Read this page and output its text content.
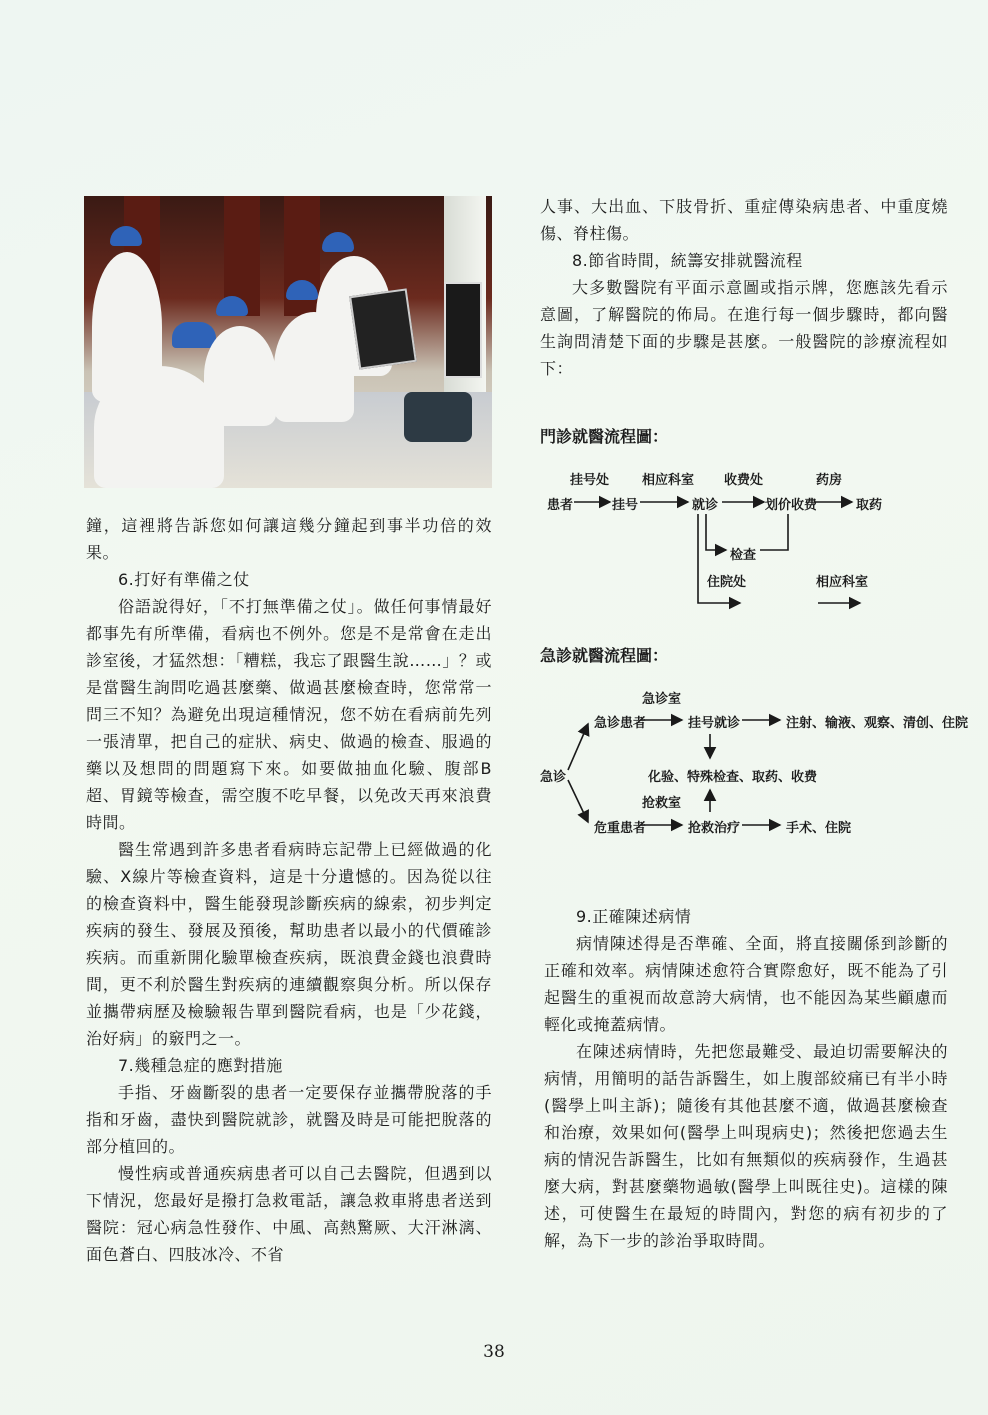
鐘，這裡將告訴您如何讓這幾分鐘起到事半功倍的效果。

6.打好有準備之仗

俗語說得好，「不打無準備之仗」。做任何事情最好都事先有所準備，看病也不例外。您是不是常會在走出診室後，才猛然想：「糟糕，我忘了跟醫生說……」？或是當醫生詢問吃過甚麼藥、做過甚麼檢查時，您常常一問三不知？為避免出現這種情況，您不妨在看病前先列一張清單，把自己的症狀、病史、做過的檢查、服過的藥以及想問的問題寫下來。如要做抽血化驗、腹部B超、胃鏡等檢查，需空腹不吃早餐，以免改天再來浪費時間。

醫生常遇到許多患者看病時忘記帶上已經做過的化驗、X線片等檢查資料，這是十分遺憾的。因為從以往的檢查資料中，醫生能發現診斷疾病的線索，初步判定疾病的發生、發展及預後，幫助患者以最小的代價確診疾病。而重新開化驗單檢查疾病，既浪費金錢也浪費時間，更不利於醫生對疾病的連續觀察與分析。所以保存並攜帶病歷及檢驗報告單到醫院看病，也是「少花錢，治好病」的竅門之一。

7.幾種急症的應對措施

手指、牙齒斷裂的患者一定要保存並攜帶脫落的手指和牙齒，盡快到醫院就診，就醫及時是可能把脫落的部分植回的。

慢性病或普通疾病患者可以自己去醫院，但遇到以下情況，您最好是撥打急救電話，讓急救車將患者送到醫院：冠心病急性發作、中風、高熱驚厥、大汗淋漓、面色蒼白、四肢冰冷、不省

人事、大出血、下肢骨折、重症傳染病患者、中重度燒傷、脊柱傷。

8.節省時間，統籌安排就醫流程

大多數醫院有平面示意圖或指示牌，您應該先看示意圖，了解醫院的佈局。在進行每一個步驟時，都向醫生詢問清楚下面的步驟是甚麼。一般醫院的診療流程如下：

門診就醫流程圖：
挂号处	相应科室 收费处	药房
患者	挂号	就诊	划价收费	取药
检查
住院处	相应科室
急診就醫流程圖：
急诊室
急诊患者	挂号就诊	注射、输液、观察、清创、住院
急诊	化验、特殊检查、取药、收费
抢救室
危重患者	抢救治疗	手术、住院

9.正確陳述病情

病情陳述得是否準確、全面，將直接關係到診斷的正確和效率。病情陳述愈符合實際愈好，既不能為了引起醫生的重視而故意誇大病情，也不能因為某些顧慮而輕化或掩蓋病情。

在陳述病情時，先把您最難受、最迫切需要解決的病情，用簡明的話告訴醫生，如上腹部絞痛已有半小時(醫學上叫主訴)；隨後有其他甚麼不適，做過甚麼檢查和治療，效果如何(醫學上叫現病史)；然後把您過去生病的情況告訴醫生，比如有無類似的疾病發作，生過甚麼大病，對甚麼藥物過敏(醫學上叫既往史)。這樣的陳述，可使醫生在最短的時間內，對您的病有初步的了解，為下一步的診治爭取時間。

38
